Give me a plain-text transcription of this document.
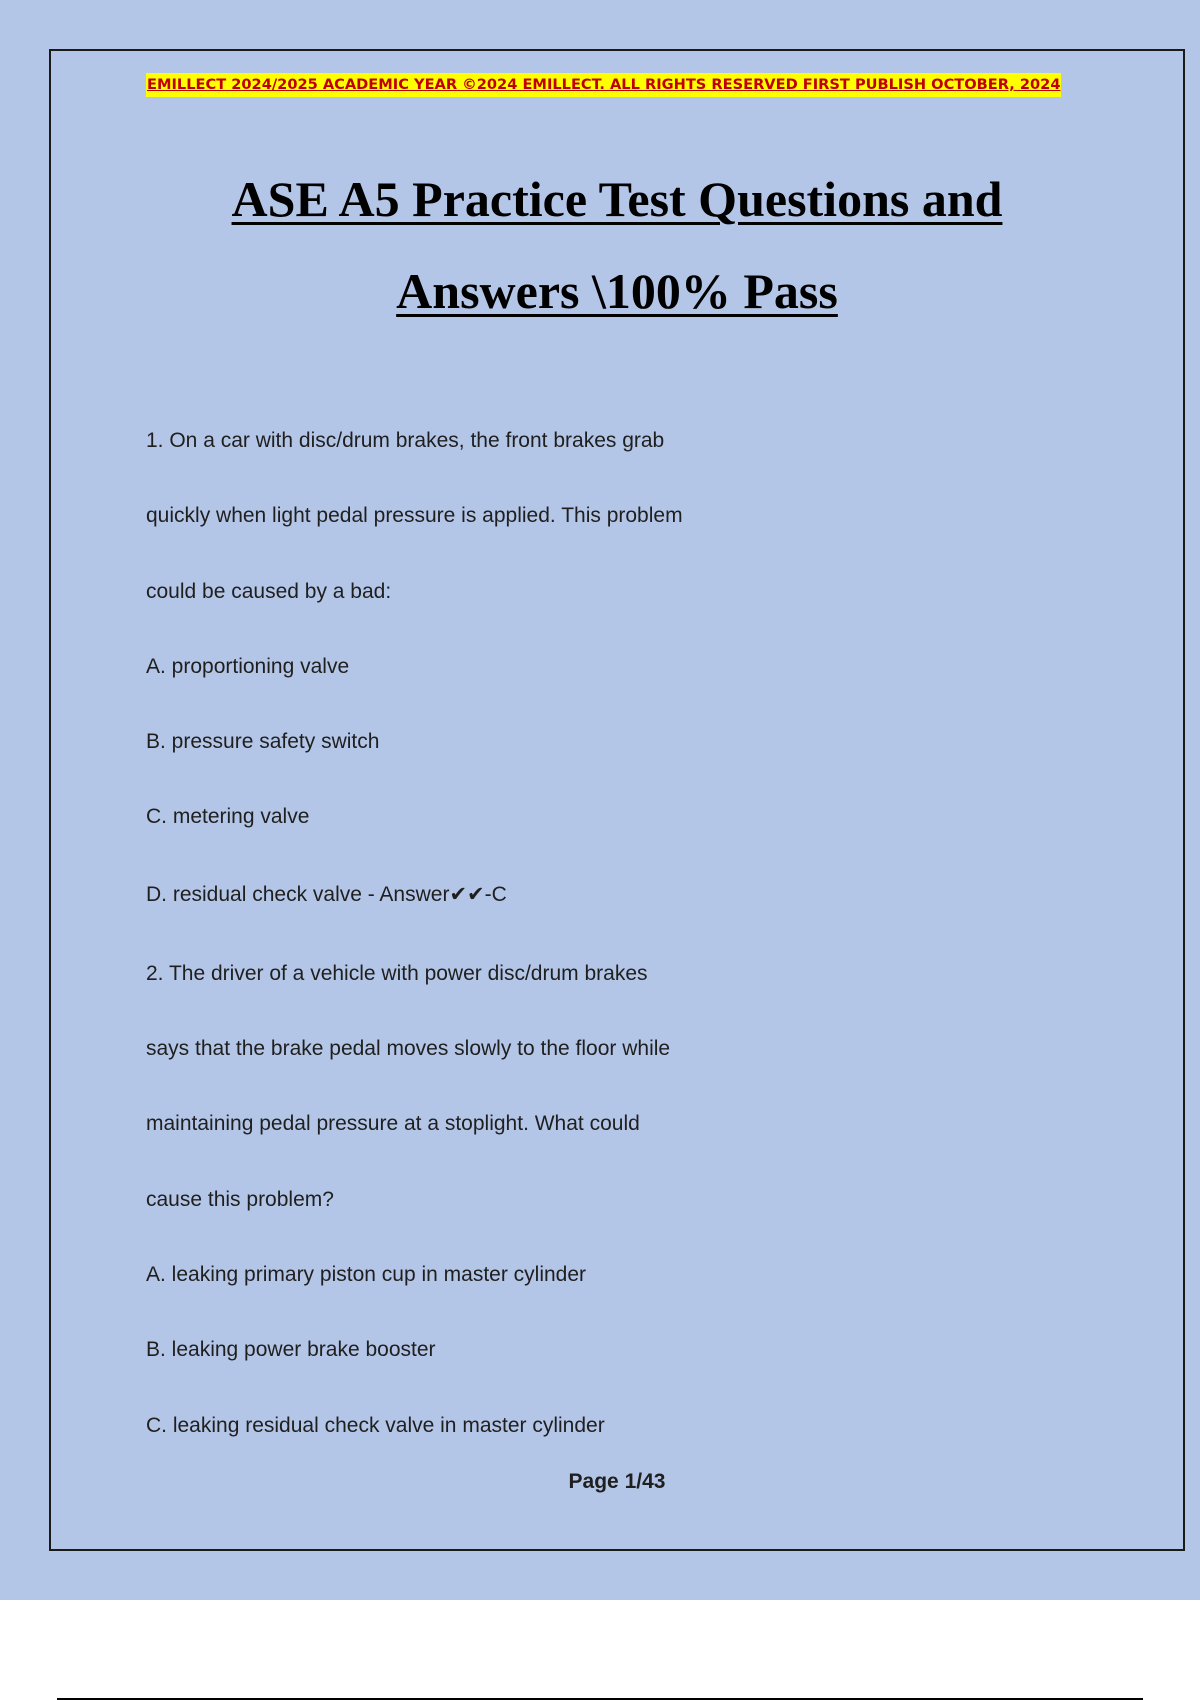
EMILLECT 2024/2025 ACADEMIC YEAR ©2024 EMILLECT. ALL RIGHTS RESERVED FIRST PUBLISH OCTOBER, 2024
ASE A5 Practice Test Questions and
Answers \100% Pass
1. On a car with disc/drum brakes, the front brakes grab
quickly when light pedal pressure is applied. This problem
could be caused by a bad:
A. proportioning valve
B. pressure safety switch
C. metering valve
D. residual check valve - Answer✔✔-C
2. The driver of a vehicle with power disc/drum brakes
says that the brake pedal moves slowly to the floor while
maintaining pedal pressure at a stoplight. What could
cause this problem?
A. leaking primary piston cup in master cylinder
B. leaking power brake booster
C. leaking residual check valve in master cylinder
Page 1/43
